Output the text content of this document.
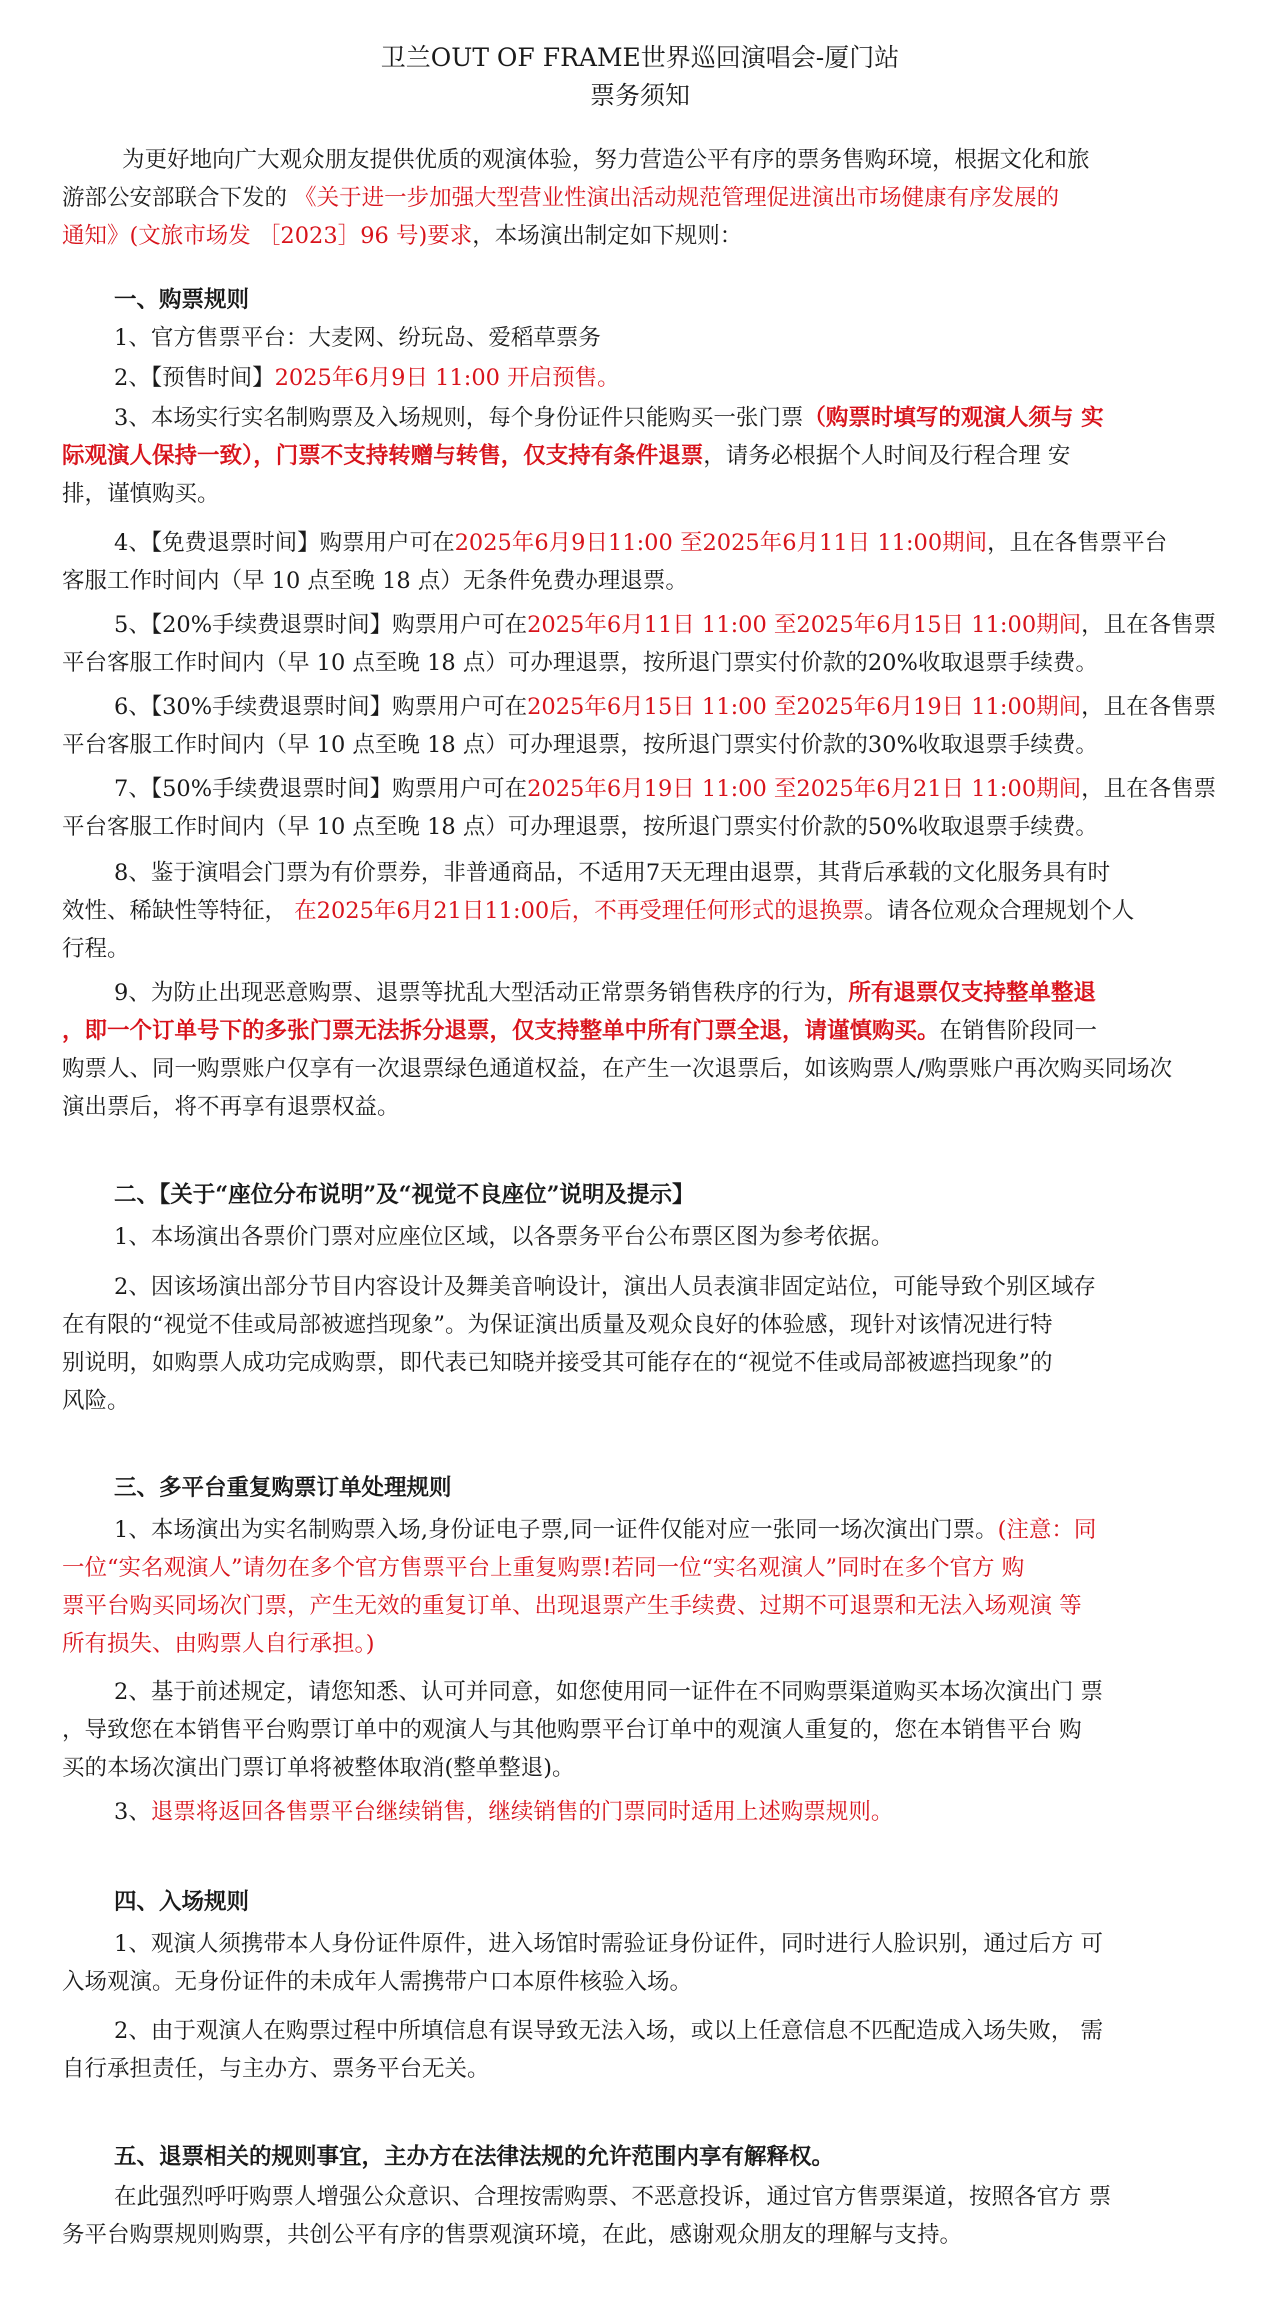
卫兰OUT OF FRAME世界巡回演唱会-厦门站
票务须知
为更好地向广大观众朋友提供优质的观演体验，努力营造公平有序的票务售购环境，根据文化和旅
游部公安部联合下发的 《关于进一步加强大型营业性演出活动规范管理促进演出市场健康有序发展的
通知》(文旅市场发 ［2023］96 号)要求，本场演出制定如下规则：
一、购票规则
1、官方售票平台：大麦网、纷玩岛、爱稻草票务
2、【预售时间】2025年6月9日 11:00 开启预售。
3、本场实行实名制购票及入场规则，每个身份证件只能购买一张门票（购票时填写的观演人须与 实
际观演人保持一致），门票不支持转赠与转售，仅支持有条件退票，请务必根据个人时间及行程合理 安
排，谨慎购买。
4、【免费退票时间】购票用户可在2025年6月9日11:00 至2025年6月11日 11:00期间，且在各售票平台
客服工作时间内（早 10 点至晚 18 点）无条件免费办理退票。
5、【20%手续费退票时间】购票用户可在2025年6月11日 11:00 至2025年6月15日 11:00期间，且在各售票
平台客服工作时间内（早 10 点至晚 18 点）可办理退票，按所退门票实付价款的20%收取退票手续费。
6、【30%手续费退票时间】购票用户可在2025年6月15日 11:00 至2025年6月19日 11:00期间，且在各售票
平台客服工作时间内（早 10 点至晚 18 点）可办理退票，按所退门票实付价款的30%收取退票手续费。
7、【50%手续费退票时间】购票用户可在2025年6月19日 11:00 至2025年6月21日 11:00期间，且在各售票
平台客服工作时间内（早 10 点至晚 18 点）可办理退票，按所退门票实付价款的50%收取退票手续费。
8、鉴于演唱会门票为有价票券，非普通商品，不适用7天无理由退票，其背后承载的文化服务具有时
效性、稀缺性等特征， 在2025年6月21日11:00后，不再受理任何形式的退换票。请各位观众合理规划个人
行程。
9、为防止出现恶意购票、退票等扰乱大型活动正常票务销售秩序的行为，所有退票仅支持整单整退
，即一个订单号下的多张门票无法拆分退票，仅支持整单中所有门票全退，请谨慎购买。在销售阶段同一
购票人、同一购票账户仅享有一次退票绿色通道权益，在产生一次退票后，如该购票人/购票账户再次购买同场次
演出票后，将不再享有退票权益。
二、【关于“座位分布说明”及“视觉不良座位”说明及提示】
1、本场演出各票价门票对应座位区域，以各票务平台公布票区图为参考依据。
2、因该场演出部分节目内容设计及舞美音响设计，演出人员表演非固定站位，可能导致个别区域存
在有限的“视觉不佳或局部被遮挡现象”。为保证演出质量及观众良好的体验感，现针对该情况进行特
别说明，如购票人成功完成购票，即代表已知晓并接受其可能存在的“视觉不佳或局部被遮挡现象”的
风险。
三、多平台重复购票订单处理规则
1、本场演出为实名制购票入场,身份证电子票,同一证件仅能对应一张同一场次演出门票。(注意：同
一位“实名观演人”请勿在多个官方售票平台上重复购票!若同一位“实名观演人”同时在多个官方 购
票平台购买同场次门票，产生无效的重复订单、出现退票产生手续费、过期不可退票和无法入场观演 等
所有损失、由购票人自行承担。)
2、基于前述规定，请您知悉、认可并同意，如您使用同一证件在不同购票渠道购买本场次演出门 票
，导致您在本销售平台购票订单中的观演人与其他购票平台订单中的观演人重复的，您在本销售平台 购
买的本场次演出门票订单将被整体取消(整单整退)。
3、退票将返回各售票平台继续销售，继续销售的门票同时适用上述购票规则。
四、入场规则
1、观演人须携带本人身份证件原件，进入场馆时需验证身份证件，同时进行人脸识别，通过后方 可
入场观演。无身份证件的未成年人需携带户口本原件核验入场。
2、由于观演人在购票过程中所填信息有误导致无法入场，或以上任意信息不匹配造成入场失败， 需
自行承担责任，与主办方、票务平台无关。
五、退票相关的规则事宜，主办方在法律法规的允许范围内享有解释权。
在此强烈呼吁购票人增强公众意识、合理按需购票、不恶意投诉，通过官方售票渠道，按照各官方 票
务平台购票规则购票，共创公平有序的售票观演环境，在此，感谢观众朋友的理解与支持。
